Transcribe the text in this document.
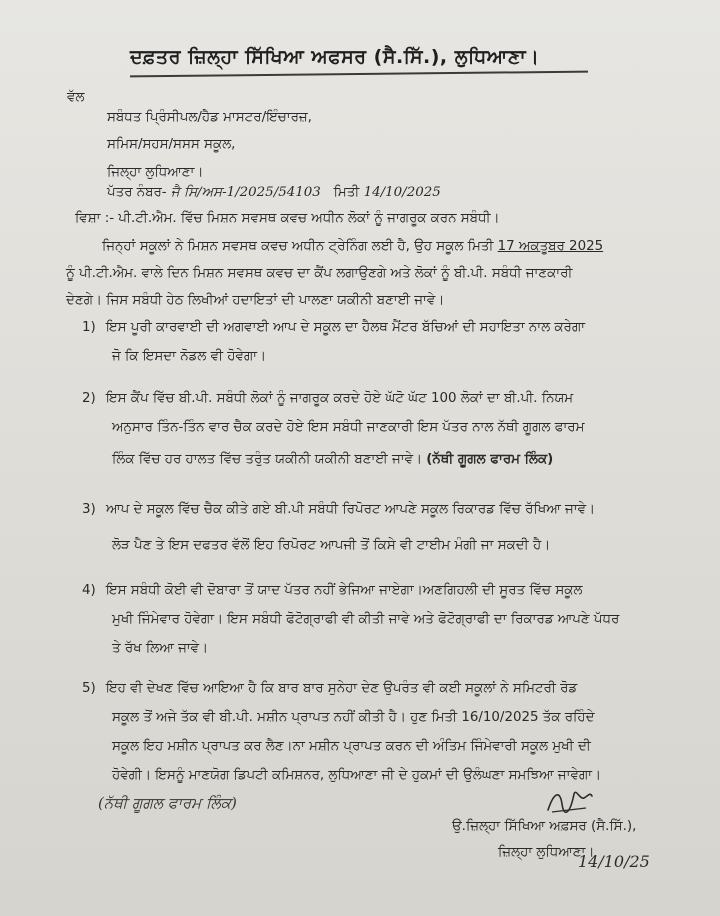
ਦਫ਼ਤਰ ਜ਼ਿਲ੍ਹਾ ਸਿੱਖਿਆ ਅਫਸਰ (ਸੈ.ਸਿੱ.), ਲੁਧਿਆਣਾ।
ਵੱਲ
ਸਬੰਧਤ ਪ੍ਰਿੰਸੀਪਲ/ਹੈਡ ਮਾਸਟਰ/ਇੰਚਾਰਜ਼,
ਸਮਿਸ/ਸਹਸ/ਸਸਸ ਸਕੂਲ,
ਜਿਲ੍ਹਾ ਲੁਧਿਆਣਾ।
ਪੱਤਰ ਨੰਬਰ- ਜੈ ਸਿ/ਅਸ-1/2025/54103 ਮਿਤੀ 14/10/2025
ਵਿਸ਼ਾ :- ਪੀ.ਟੀ.ਐਮ. ਵਿੱਚ ਮਿਸ਼ਨ ਸਵਸਥ ਕਵਚ ਅਧੀਨ ਲੋਕਾਂ ਨੂੰ ਜਾਗਰੂਕ ਕਰਨ ਸਬੰਧੀ।
ਜਿਨ੍ਹਾਂ ਸਕੂਲਾਂ ਨੇ ਮਿਸ਼ਨ ਸਵਸਥ ਕਵਚ ਅਧੀਨ ਟ੍ਰੇਨਿੰਗ ਲਈ ਹੈ, ਉਹ ਸਕੂਲ ਮਿਤੀ 17 ਅਕਤੂਬਰ 2025
ਨੂੰ ਪੀ.ਟੀ.ਐਮ. ਵਾਲੇ ਦਿਨ ਮਿਸ਼ਨ ਸਵਸਥ ਕਵਚ ਦਾ ਕੈਂਪ ਲਗਾਉਣਗੇ ਅਤੇ ਲੋਕਾਂ ਨੂੰ ਬੀ.ਪੀ. ਸਬੰਧੀ ਜਾਣਕਾਰੀ
ਦੇਣਗੇ। ਜਿਸ ਸਬੰਧੀ ਹੇਠ ਲਿਖੀਆਂ ਹਦਾਇਤਾਂ ਦੀ ਪਾਲਣਾ ਯਕੀਨੀ ਬਣਾਈ ਜਾਵੇ।
1) ਇਸ ਪੂਰੀ ਕਾਰਵਾਈ ਦੀ ਅਗਵਾਈ ਆਪ ਦੇ ਸਕੂਲ ਦਾ ਹੈਲਥ ਮੈਂਟਰ ਬੱਚਿਆਂ ਦੀ ਸਹਾਇਤਾ ਨਾਲ ਕਰੇਗਾ
ਜੋ ਕਿ ਇਸਦਾ ਨੋਡਲ ਵੀ ਹੋਵੇਗਾ।
2) ਇਸ ਕੈਂਪ ਵਿੱਚ ਬੀ.ਪੀ. ਸਬੰਧੀ ਲੋਕਾਂ ਨੂੰ ਜਾਗਰੂਕ ਕਰਦੇ ਹੋਏ ਘੱਟੋ ਘੱਟ 100 ਲੋਕਾਂ ਦਾ ਬੀ.ਪੀ. ਨਿਯਮ
ਅਨੁਸਾਰ ਤਿੰਨ-ਤਿੰਨ ਵਾਰ ਚੈਕ ਕਰਦੇ ਹੋਏ ਇਸ ਸਬੰਧੀ ਜਾਣਕਾਰੀ ਇਸ ਪੱਤਰ ਨਾਲ ਨੱਥੀ ਗੂਗਲ ਫਾਰਮ
ਲਿੰਕ ਵਿੱਚ ਹਰ ਹਾਲਤ ਵਿੱਚ ਤਰੁੰਤ ਯਕੀਨੀ ਯਕੀਨੀ ਬਣਾਈ ਜਾਵੇ। (ਨੱਥੀ ਗੂਗਲ ਫਾਰਮ ਲਿੰਕ)
3) ਆਪ ਦੇ ਸਕੂਲ ਵਿੱਚ ਚੈਕ ਕੀਤੇ ਗਏ ਬੀ.ਪੀ ਸਬੰਧੀ ਰਿਪੋਰਟ ਆਪਣੇ ਸਕੂਲ ਰਿਕਾਰਡ ਵਿੱਚ ਰੱਖਿਆ ਜਾਵੇ।
ਲੋੜ ਪੈਣ ਤੇ ਇਸ ਦਫਤਰ ਵੱਲੋਂ ਇਹ ਰਿਪੋਰਟ ਆਪਜੀ ਤੋਂ ਕਿਸੇ ਵੀ ਟਾਈਮ ਮੰਗੀ ਜਾ ਸਕਦੀ ਹੈ।
4) ਇਸ ਸਬੰਧੀ ਕੋਈ ਵੀ ਦੋਬਾਰਾ ਤੋਂ ਯਾਦ ਪੱਤਰ ਨਹੀਂ ਭੇਜਿਆ ਜਾਏਗਾ।ਅਣਗਿਹਲੀ ਦੀ ਸੂਰਤ ਵਿੱਚ ਸਕੂਲ
ਮੁਖੀ ਜਿੰਮੇਵਾਰ ਹੋਵੇਗਾ। ਇਸ ਸਬੰਧੀ ਫੋਟੋਗ੍ਰਾਫੀ ਵੀ ਕੀਤੀ ਜਾਵੇ ਅਤੇ ਫੋਟੋਗ੍ਰਾਫੀ ਦਾ ਰਿਕਾਰਡ ਆਪਣੇ ਪੱਧਰ
ਤੇ ਰੱਖ ਲਿਆ ਜਾਵੇ।
5) ਇਹ ਵੀ ਦੇਖਣ ਵਿੱਚ ਆਇਆ ਹੈ ਕਿ ਬਾਰ ਬਾਰ ਸੁਨੇਹਾ ਦੇਣ ਉਪਰੰਤ ਵੀ ਕਈ ਸਕੂਲਾਂ ਨੇ ਸਮਿਟਰੀ ਰੋਡ
ਸਕੂਲ ਤੋਂ ਅਜੇ ਤੱਕ ਵੀ ਬੀ.ਪੀ. ਮਸ਼ੀਨ ਪ੍ਰਾਪਤ ਨਹੀਂ ਕੀਤੀ ਹੈ। ਹੁਣ ਮਿਤੀ 16/10/2025 ਤੱਕ ਰਹਿੰਦੇ
ਸਕੂਲ ਇਹ ਮਸ਼ੀਨ ਪ੍ਰਾਪਤ ਕਰ ਲੈਣ।ਨਾ ਮਸ਼ੀਨ ਪ੍ਰਾਪਤ ਕਰਨ ਦੀ ਅੰਤਿਮ ਜਿੰਮੇਵਾਰੀ ਸਕੂਲ ਮੁਖੀ ਦੀ
ਹੋਵੇਗੀ। ਇਸਨੂੰ ਮਾਣਯੋਗ ਡਿਪਟੀ ਕਮਿਸ਼ਨਰ, ਲੁਧਿਆਣਾ ਜੀ ਦੇ ਹੁਕਮਾਂ ਦੀ ਉਲੰਘਣਾ ਸਮਝਿਆ ਜਾਵੇਗਾ।
(ਨੱਥੀ ਗੂਗਲ ਫਾਰਮ ਲਿੰਕ)
ਉ.ਜ਼ਿਲ੍ਹਾ ਸਿੱਖਿਆ ਅਫ਼ਸਰ (ਸੈ.ਸਿੱ.),
ਜ਼ਿਲ੍ਹਾ ਲੁਧਿਆਣਾ।
14/10/25
